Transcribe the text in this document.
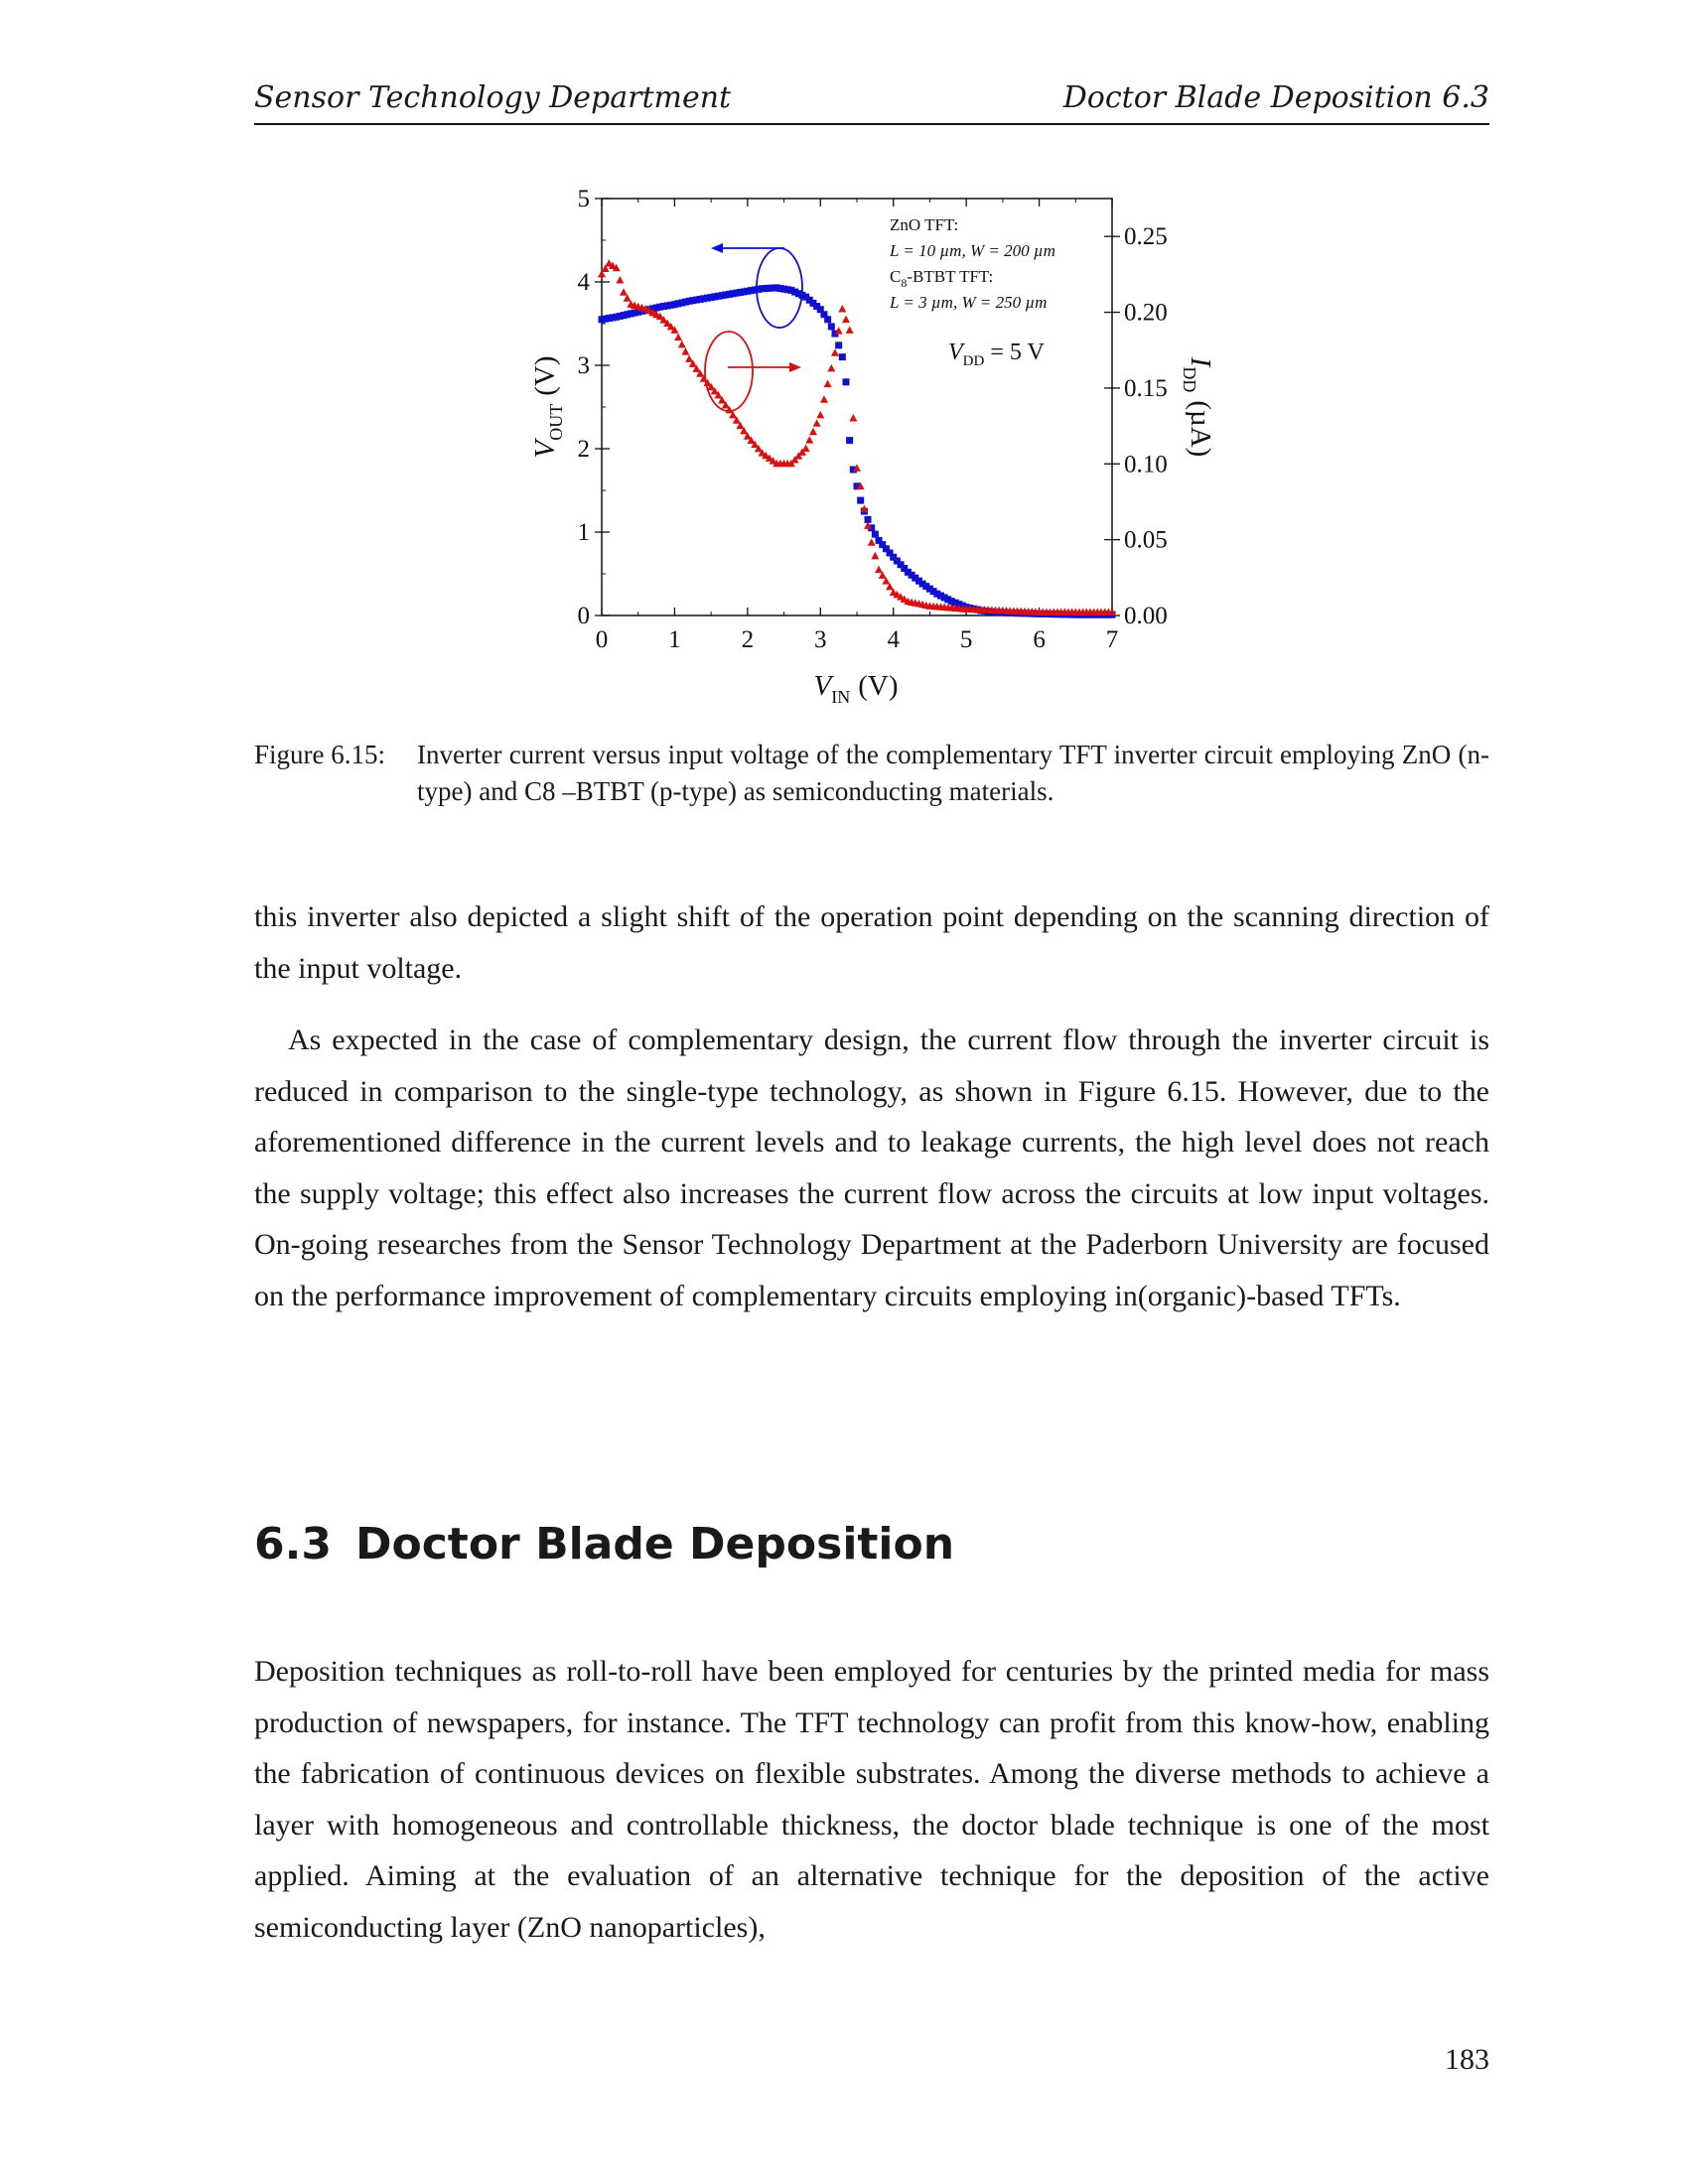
Sensor Technology Department	Doctor Blade Deposition 6.3
0 1 2 3 4 5 6 7
0
1
2
3
4
5
0.00
0.05
0.10
0.15
0.20
0.25
ZnO TFT:
L = 10 µm, W = 200 µm
$C_8$-BTBT TFT:
L = 3 µm, W = 250 µm
$V_{DD} = 5$ V
$V_{IN}$ (V)
$V_{OUT}(V)$	$I_{DD}(\mu A)$
Figure 6.15: Inverter current versus input voltage of the complementary TFT inverter circuit employing ZnO (n-type) and C8 –BTBT (p-type) as semiconducting materials.
this inverter also depicted a slight shift of the operation point depending on the scanning direction of the input voltage.
As expected in the case of complementary design, the current flow through the inverter circuit is reduced in comparison to the single-type technology, as shown in Figure 6.15. However, due to the aforementioned difference in the current levels and to leakage currents, the high level does not reach the supply voltage; this effect also increases the current flow across the circuits at low input voltages. On-going researches from the Sensor Technology Department at the Paderborn University are focused on the performance improvement of complementary circuits employing in(organic)-based TFTs.
6.3 Doctor Blade Deposition
Deposition techniques as roll-to-roll have been employed for centuries by the printed media for mass production of newspapers, for instance. The TFT technology can profit from this know-how, enabling the fabrication of continuous devices on flexible substrates. Among the diverse methods to achieve a layer with homogeneous and controllable thickness, the doctor blade technique is one of the most applied. Aiming at the evaluation of an alternative technique for the deposition of the active semiconducting layer (ZnO nanoparticles),
183
